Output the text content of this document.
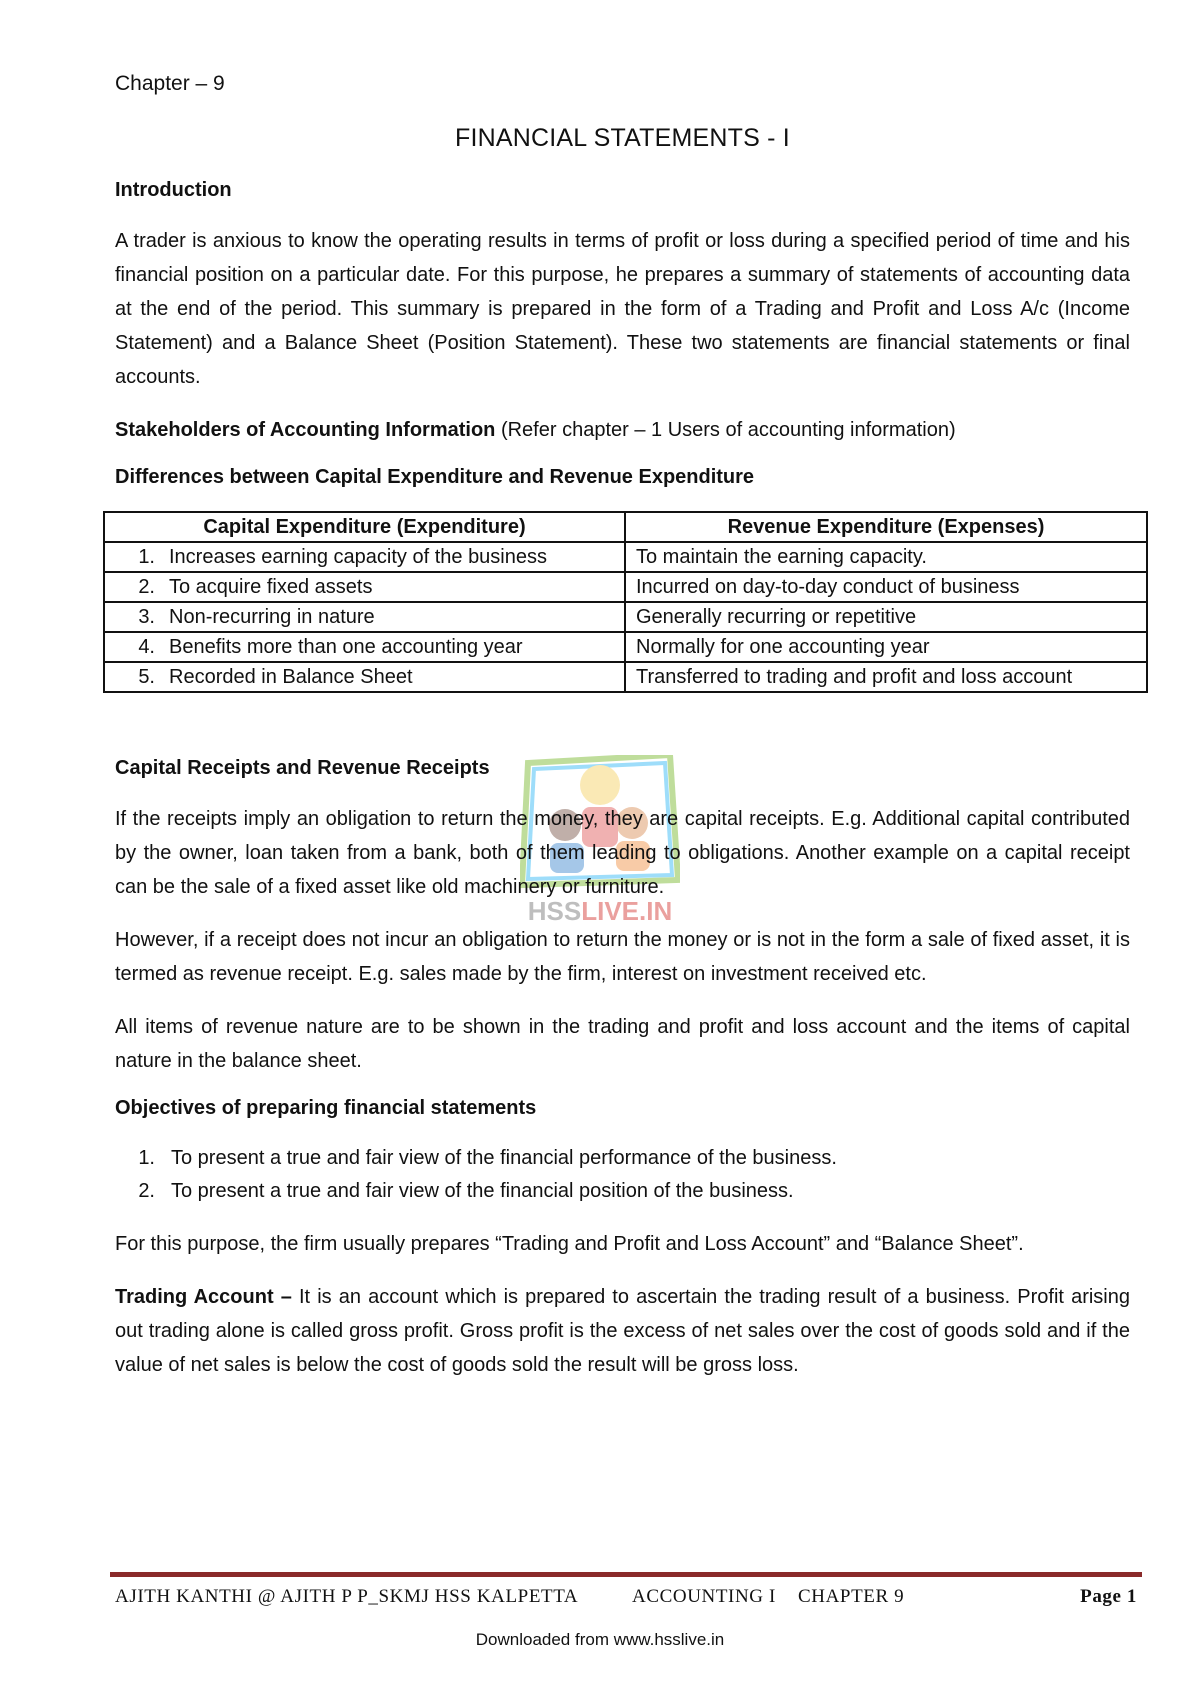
HSSLIVE.IN
Chapter – 9
FINANCIAL STATEMENTS - I
Introduction

A trader is anxious to know the operating results in terms of profit or loss during a specified period of time and his financial position on a particular date. For this purpose, he prepares a summary of statements of accounting data at the end of the period. This summary is prepared in the form of a Trading and Profit and Loss A/c (Income Statement) and a Balance Sheet (Position Statement). These two statements are financial statements or final accounts.

Stakeholders of Accounting Information (Refer chapter – 1 Users of accounting information)

Differences between Capital Expenditure and Revenue Expenditure
Capital Expenditure (Expenditure)	Revenue Expenditure (Expenses)
1. Increases earning capacity of the business	To maintain the earning capacity.
2. To acquire fixed assets	Incurred on day-to-day conduct of business
3. Non-recurring in nature	Generally recurring or repetitive
4. Benefits more than one accounting year	Normally for one accounting year
5. Recorded in Balance Sheet	Transferred to trading and profit and loss account
Capital Receipts and Revenue Receipts

If the receipts imply an obligation to return the money, they are capital receipts. E.g. Additional capital contributed by the owner, loan taken from a bank, both of them leading to obligations. Another example on a capital receipt can be the sale of a fixed asset like old machinery or furniture.

However, if a receipt does not incur an obligation to return the money or is not in the form a sale of fixed asset, it is termed as revenue receipt. E.g. sales made by the firm, interest on investment received etc.

All items of revenue nature are to be shown in the trading and profit and loss account and the items of capital nature in the balance sheet.

Objectives of preparing financial statements
1. To present a true and fair view of the financial performance of the business.
2. To present a true and fair view of the financial position of the business.

For this purpose, the firm usually prepares “Trading and Profit and Loss Account” and “Balance Sheet”.

Trading Account – It is an account which is prepared to ascertain the trading result of a business. Profit arising out trading alone is called gross profit. Gross profit is the excess of net sales over the cost of goods sold and if the value of net sales is below the cost of goods sold the result will be gross loss.

AJITH KANTHI @ AJITH P P_SKMJ HSS KALPETTA	ACCOUNTING I CHAPTER 9	Page 1
Downloaded from www.hsslive.in
